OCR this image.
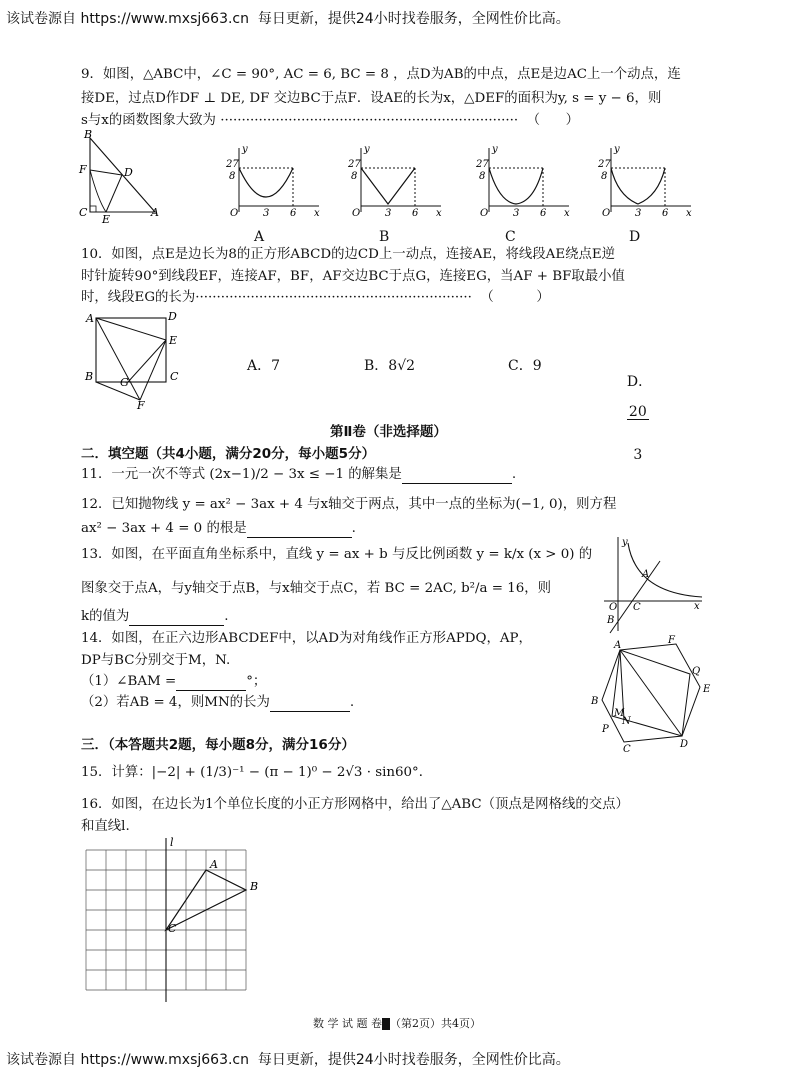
该试卷源自 https://www.mxsj663.cn  每日更新，提供24小时找卷服务，全网性价比高。
9．如图，△ABC中，∠C = 90°, AC = 6, BC = 8 ，点D为AB的中点，点E是边AC上一个动点，连
接DE，过点D作DF ⊥ DE, DF 交边BC于点F．设AE的长为x，△DEF的面积为y, s = y − 6，则
s与x的函数图象大致为 ······································································  （      ）
B
F	D
C
E
A
y
27
8
O 3 6 x
y
27
8
O 3 6 x
y
27
8
O 3 6 x
y
27
8
O 3 6 x
A	B	C	D
10．如图，点E是边长为8的正方形ABCD的边CD上一动点，连接AE，将线段AE绕点E逆
时针旋转90°到线段EF，连接AF，BF，AF交边BC于点G，连接EG，当AF + BF取最小值
时，线段EG的长为·································································  （          ）
A	D
E
B G	C
F
A．7	B．8√2	C．9

D．

$\frac{20}{3}$

第Ⅱ卷（非选择题）
二．填空题（共4小题，满分20分，每小题5分）
11．一元一次不等式 (2x−1)/2 − 3x ≤ −1 的解集是	.
12．已知抛物线 y = ax² − 3ax + 4 与x轴交于两点，其中一点的坐标为(−1, 0)，则方程
ax² − 3ax + 4 = 0 的根是	.
13．如图，在平面直角坐标系中，直线 y = ax + b 与反比例函数 y = k/x (x > 0) 的
图象交于点A，与y轴交于点B，与x轴交于点C，若 BC = 2AC, b²/a = 16，则
k的值为	.
y
A
O C
B
x
14．如图，在正六边形ABCDEF中，以AD为对角线作正方形APDQ，AP，
DP与BC分别交于M，N.
（1）∠BAM =	°；
（2）若AB = 4，则MN的长为	.
F
A
Q
E
B
M
N
P
C	D
三．（本答题共2题，每小题8分，满分16分）
15．计算：|−2| + (1/3)⁻¹ − (π − 1)⁰ − 2√3 · sin60°．
16．如图，在边长为1个单位长度的小正方形网格中，给出了△ABC（顶点是网格线的交点）
和直线l.
l
A
B
C
数 学 试 题 卷 （第2页）共4页）
该试卷源自 https://www.mxsj663.cn  每日更新，提供24小时找卷服务，全网性价比高。
